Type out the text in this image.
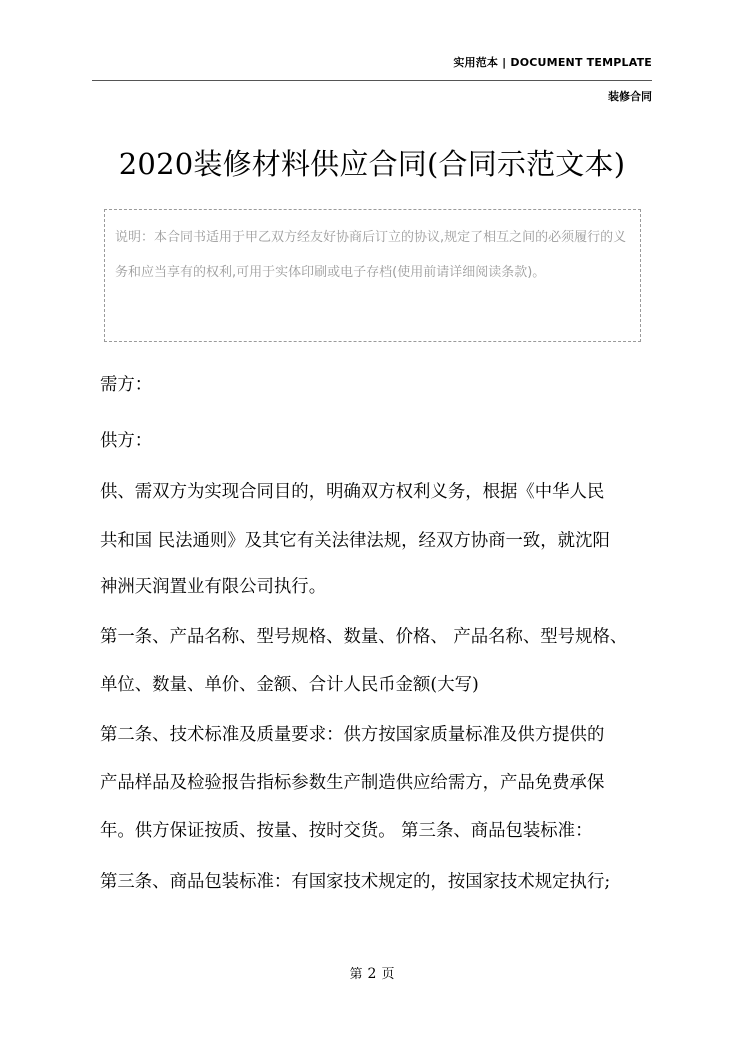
实用范本 | DOCUMENT TEMPLATE
装修合同
2020装修材料供应合同(合同示范文本)
说明：本合同书适用于甲乙双方经友好协商后订立的协议,规定了相互之间的必须履行的义务和应当享有的权利,可用于实体印刷或电子存档(使用前请详细阅读条款)。
需方：
供方：
供、需双方为实现合同目的，明确双方权利义务，根据《中华人民
共和国 民法通则》及其它有关法律法规，经双方协商一致，就沈阳
神洲天润置业有限公司执行。
第一条、产品名称、型号规格、数量、价格、 产品名称、型号规格、
单位、数量、单价、金额、合计人民币金额(大写)
第二条、技术标准及质量要求：供方按国家质量标准及供方提供的
产品样品及检验报告指标参数生产制造供应给需方，产品免费承保
年。供方保证按质、按量、按时交货。 第三条、商品包装标准：
第三条、商品包装标准：有国家技术规定的，按国家技术规定执行;
第 2 页
